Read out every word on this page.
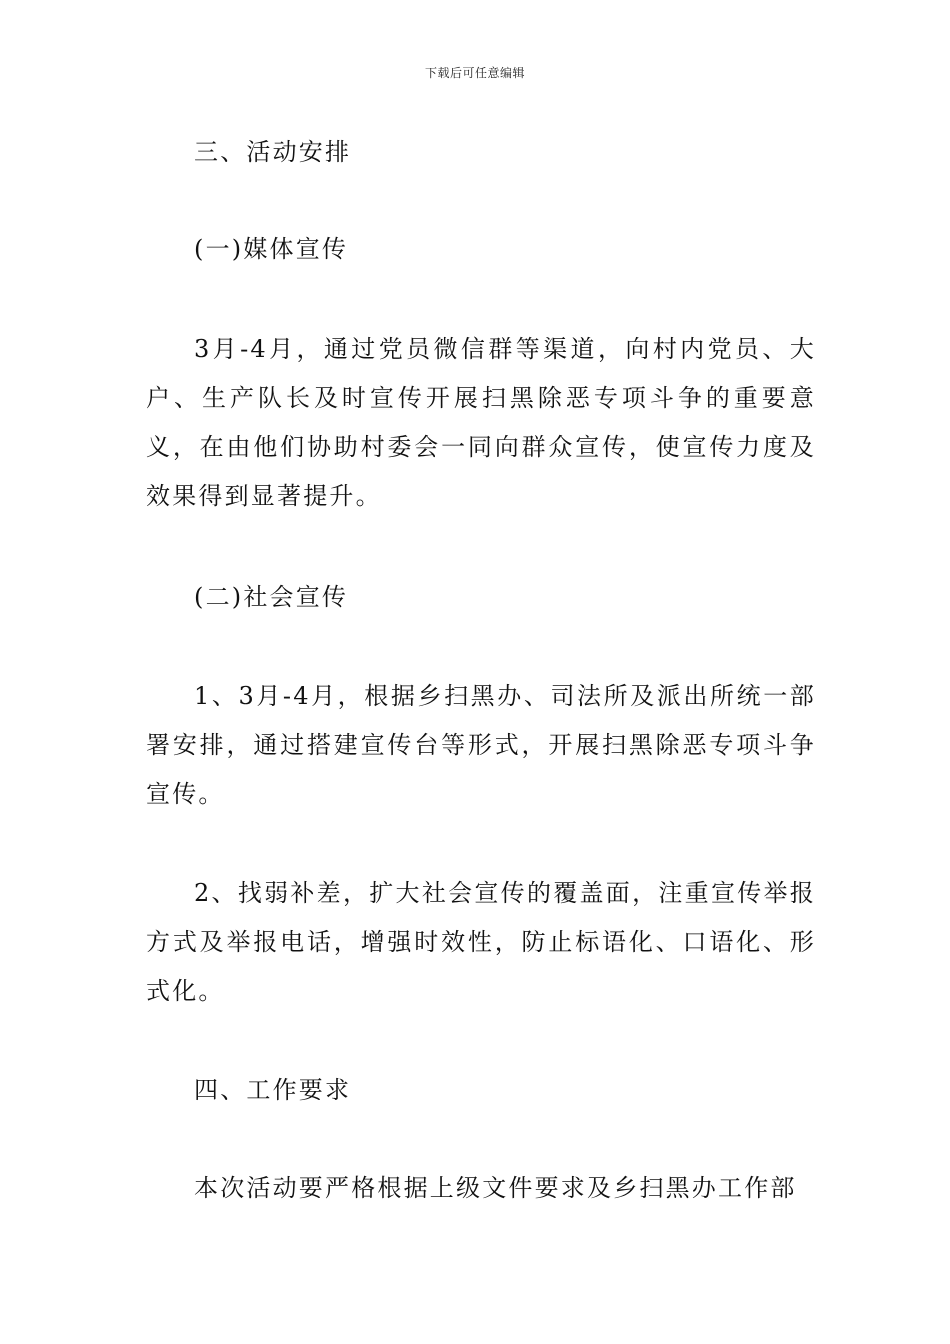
下载后可任意编辑

三、活动安排

(一)媒体宣传

3月-4月，通过党员微信群等渠道，向村内党员、大户、生产队长及时宣传开展扫黑除恶专项斗争的重要意义，在由他们协助村委会一同向群众宣传，使宣传力度及效果得到显著提升。

(二)社会宣传

1、3月-4月，根据乡扫黑办、司法所及派出所统一部署安排，通过搭建宣传台等形式，开展扫黑除恶专项斗争宣传。

2、找弱补差，扩大社会宣传的覆盖面，注重宣传举报方式及举报电话，增强时效性，防止标语化、口语化、形式化。

四、工作要求

本次活动要严格根据上级文件要求及乡扫黑办工作部
